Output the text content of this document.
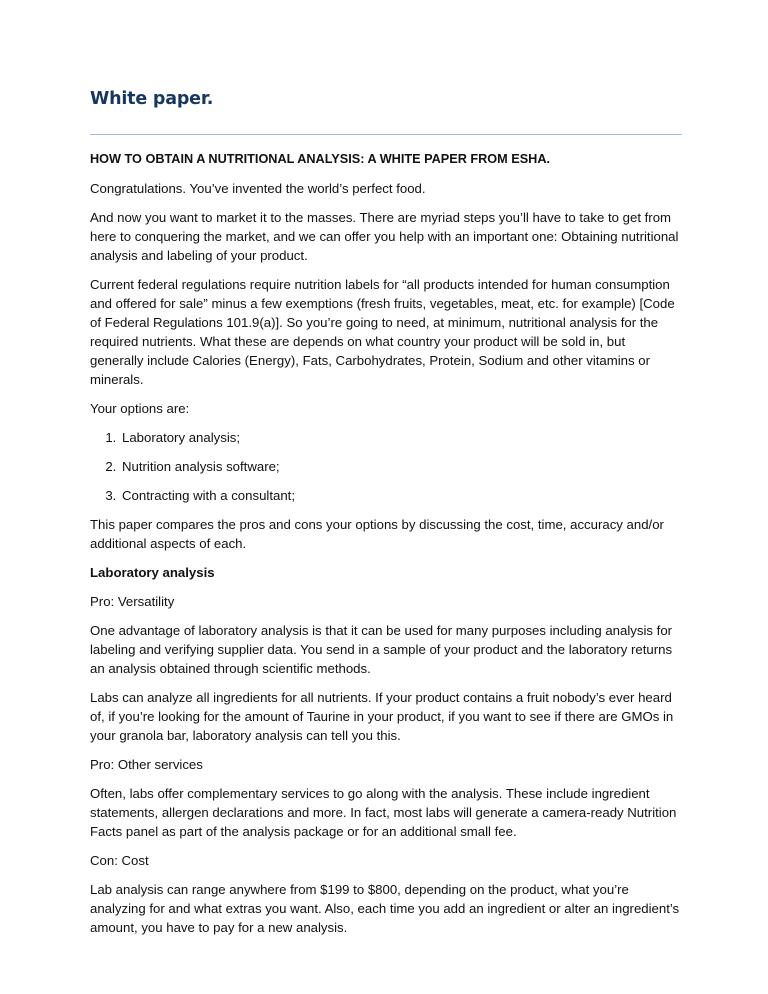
White paper.

HOW TO OBTAIN A NUTRITIONAL ANALYSIS: A WHITE PAPER FROM ESHA.

Congratulations. You’ve invented the world’s perfect food.

And now you want to market it to the masses. There are myriad steps you’ll have to take to get from here to conquering the market, and we can offer you help with an important one: Obtaining nutritional analysis and labeling of your product.

Current federal regulations require nutrition labels for “all products intended for human consumption and offered for sale” minus a few exemptions (fresh fruits, vegetables, meat, etc. for example) [Code of Federal Regulations 101.9(a)]. So you’re going to need, at minimum, nutritional analysis for the required nutrients. What these are depends on what country your product will be sold in, but generally include Calories (Energy), Fats, Carbohydrates, Protein, Sodium and other vitamins or minerals.

Your options are:

1. Laboratory analysis;
2. Nutrition analysis software;
3. Contracting with a consultant;

This paper compares the pros and cons your options by discussing the cost, time, accuracy and/or additional aspects of each.

Laboratory analysis

Pro: Versatility

One advantage of laboratory analysis is that it can be used for many purposes including analysis for labeling and verifying supplier data. You send in a sample of your product and the laboratory returns an analysis obtained through scientific methods.

Labs can analyze all ingredients for all nutrients. If your product contains a fruit nobody’s ever heard of, if you’re looking for the amount of Taurine in your product, if you want to see if there are GMOs in your granola bar, laboratory analysis can tell you this.

Pro: Other services

Often, labs offer complementary services to go along with the analysis. These include ingredient statements, allergen declarations and more. In fact, most labs will generate a camera-ready Nutrition Facts panel as part of the analysis package or for an additional small fee.

Con: Cost

Lab analysis can range anywhere from $199 to $800, depending on the product, what you’re analyzing for and what extras you want. Also, each time you add an ingredient or alter an ingredient’s amount, you have to pay for a new analysis.
